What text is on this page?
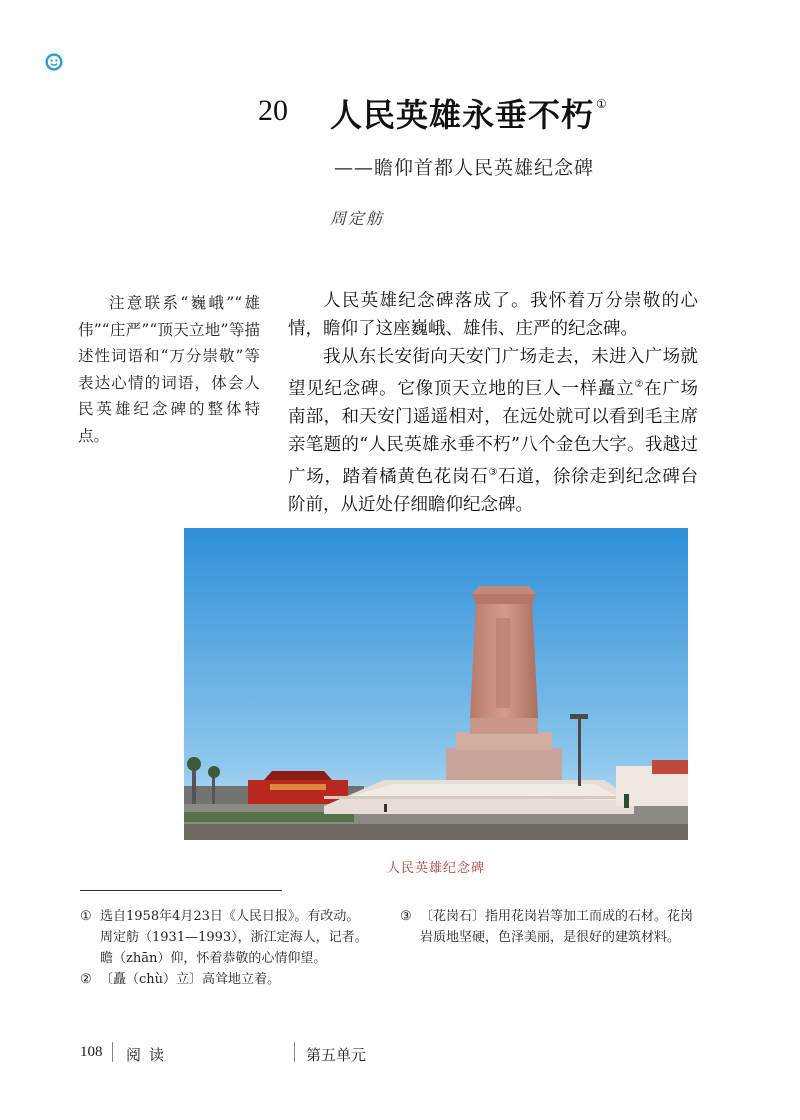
20 人民英雄永垂不朽 ①
——瞻仰首都人民英雄纪念碑
周定舫
注意联系“巍峨”“雄伟”“庄严”“顶天立地”等描述性词语和“万分崇敬”等表达心情的词语，体会人民英雄纪念碑的整体特点。

人民英雄纪念碑落成了。我怀着万分崇敬的心情，瞻仰了这座巍峨、雄伟、庄严的纪念碑。

我从东长安街向天安门广场走去，未进入广场就望见纪念碑。它像顶天立地的巨人一样矗立②在广场南部，和天安门遥遥相对，在远处就可以看到毛主席亲笔题的“人民英雄永垂不朽”八个金色大字。我越过广场，踏着橘黄色花岗石③石道，徐徐走到纪念碑台阶前，从近处仔细瞻仰纪念碑。

人民英雄纪念碑
① 选自1958年4月23日《人民日报》。有改动。
周定舫（1931—1993），浙江定海人，记者。
瞻（zhān）仰，怀着恭敬的心情仰望。
② 〔矗（chù）立〕高耸地立着。
③ 〔花岗石〕指用花岗岩等加工而成的石材。花岗岩质地坚硬，色泽美丽，是很好的建筑材料。
108 阅读	第五单元
